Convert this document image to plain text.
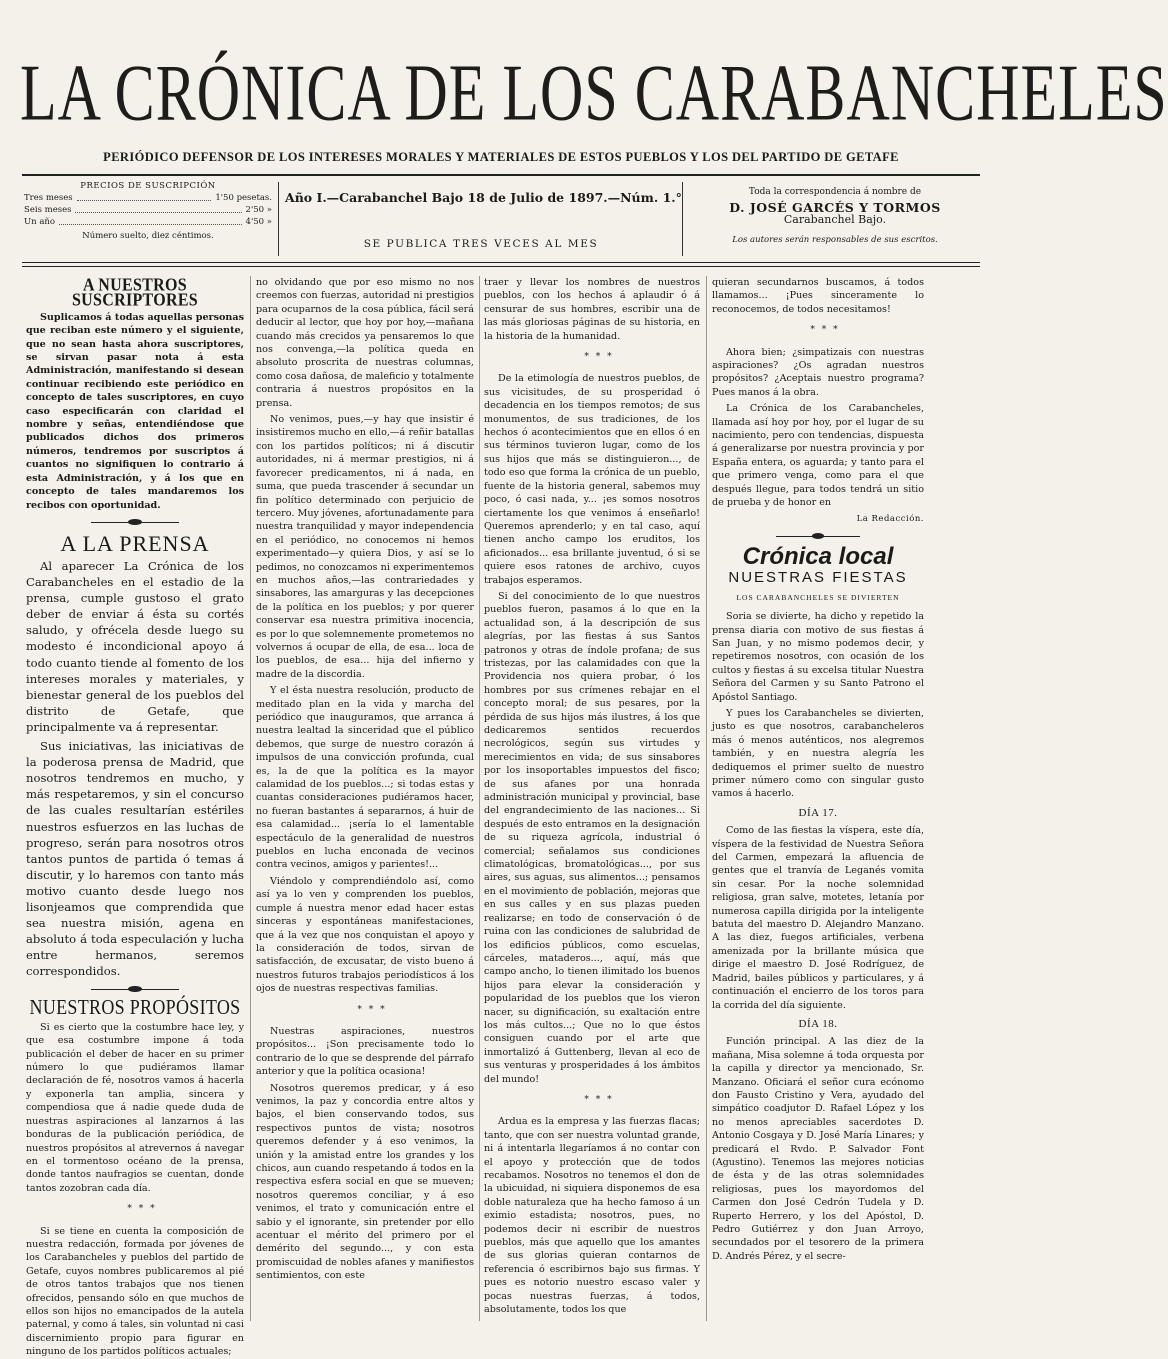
LA CRÓNICA DE LOS CARABANCHELES
PERIÓDICO DEFENSOR DE LOS INTERESES MORALES Y MATERIALES DE ESTOS PUEBLOS Y LOS DEL PARTIDO DE GETAFE
PRECIOS DE SUSCRIPCIÓN
Tres meses	1'50 pesetas.
Seis meses	2'50 »
Un año	4'50 »
Número suelto, diez céntimos.
Año I.—Carabanchel Bajo 18 de Julio de 1897.—Núm. 1.°
SE PUBLICA TRES VECES AL MES
Toda la correspondencia á nombre de
D. JOSÉ GARCÉS Y TORMOS
Carabanchel Bajo.
Los autores serán responsables de sus escritos.
A NUESTROS SUSCRIPTORES

Suplicamos á todas aquellas personas que reciban este número y el siguiente, que no sean hasta ahora suscriptores, se sirvan pasar nota á esta Administración, manifestando si desean continuar recibiendo este periódico en concepto de tales suscriptores, en cuyo caso especificarán con claridad el nombre y señas, entendiéndose que publicados dichos dos primeros números, tendremos por suscriptos á cuantos no signifiquen lo contrario á esta Administración, y á los que en concepto de tales mandaremos los recibos con oportunidad.

A LA PRENSA

Al aparecer La Crónica de los Carabancheles en el estadio de la prensa, cumple gustoso el grato deber de enviar á ésta su cortés saludo, y ofrécela desde luego su modesto é incondicional apoyo á todo cuanto tiende al fomento de los intereses morales y materiales, y bienestar general de los pueblos del distrito de Getafe, que principalmente va á representar.

Sus iniciativas, las iniciativas de la poderosa prensa de Madrid, que nosotros tendremos en mucho, y más respetaremos, y sin el concurso de las cuales resultarían estériles nuestros esfuerzos en las luchas de progreso, serán para nosotros otros tantos puntos de partida ó temas á discutir, y lo haremos con tanto más motivo cuanto desde luego nos lisonjeamos que comprendida que sea nuestra misión, agena en absoluto á toda especulación y lucha entre hermanos, seremos correspondidos.

NUESTROS PROPÓSITOS

Si es cierto que la costumbre hace ley, y que esa costumbre impone á toda publicación el deber de hacer en su primer número lo que pudiéramos llamar declaración de fé, nosotros vamos á hacerla y exponerla tan amplia, sincera y compendiosa que á nadie quede duda de nuestras aspiraciones al lanzarnos á las bonduras de la publicación periódica, de nuestros propósitos al atrevernos á navegar en el tormentoso océano de la prensa, donde tantos naufragios se cuentan, donde tantos zozobran cada día.

* * *

Si se tiene en cuenta la composición de nuestra redacción, formada por jóvenes de los Carabancheles y pueblos del partido de Getafe, cuyos nombres publicaremos al pié de otros tantos trabajos que nos tienen ofrecidos, pensando sólo en que muchos de ellos son hijos no emancipados de la autela paternal, y como á tales, sin voluntad ni casi discernimiento propio para figurar en ninguno de los partidos políticos actuales;

no olvidando que por eso mismo no nos creemos con fuerzas, autoridad ni prestigios para ocuparnos de la cosa pública, fácil será deducir al lector, que hoy por hoy,—mañana cuando más crecidos ya pensaremos lo que nos convenga,—la política queda en absoluto proscrita de nuestras columnas, como cosa dañosa, de maleficio y totalmente contraria á nuestros propósitos en la prensa.

No venimos, pues,—y hay que insistir é insistiremos mucho en ello,—á reñir batallas con los partidos políticos; ni á discutir autoridades, ni á mermar prestigios, ni á favorecer predicamentos, ni á nada, en suma, que pueda trascender á secundar un fin político determinado con perjuicio de tercero. Muy jóvenes, afortunadamente para nuestra tranquilidad y mayor independencia en el periódico, no conocemos ni hemos experimentado—y quiera Dios, y así se lo pedimos, no conozcamos ni experimentemos en muchos años,—las contrariedades y sinsabores, las amarguras y las decepciones de la política en los pueblos; y por querer conservar esa nuestra primitiva inocencia, es por lo que solemnemente prometemos no volvernos á ocupar de ella, de esa... loca de los pueblos, de esa... hija del infierno y madre de la discordia.

Y el ésta nuestra resolución, producto de meditado plan en la vida y marcha del periódico que inauguramos, que arranca á nuestra lealtad la sinceridad que el público debemos, que surge de nuestro corazón á impulsos de una convicción profunda, cual es, la de que la política es la mayor calamidad de los pueblos...; si todas estas y cuantas consideraciones pudiéramos hacer, no fueran bastantes á separarnos, á huir de esa calamidad... ¡sería lo el lamentable espectáculo de la generalidad de nuestros pueblos en lucha enconada de vecinos contra vecinos, amigos y parientes!...

Viéndolo y comprendiéndolo así, como así ya lo ven y comprenden los pueblos, cumple á nuestra menor edad hacer estas sinceras y espontáneas manifestaciones, que á la vez que nos conquistan el apoyo y la consideración de todos, sirvan de satisfacción, de excusatar, de visto bueno á nuestros futuros trabajos periodísticos á los ojos de nuestras respectivas familias.

* * *

Nuestras aspiraciones, nuestros propósitos... ¡Son precisamente todo lo contrario de lo que se desprende del párrafo anterior y que la política ocasiona!

Nosotros queremos predicar, y á eso venimos, la paz y concordia entre altos y bajos, el bien conservando todos, sus respectivos puntos de vista; nosotros queremos defender y á eso venimos, la unión y la amistad entre los grandes y los chicos, aun cuando respetando á todos en la respectiva esfera social en que se mueven; nosotros queremos conciliar, y á eso venimos, el trato y comunicación entre el sabio y el ignorante, sin pretender por ello acentuar el mérito del primero por el demérito del segundo..., y con esta promiscuidad de nobles afanes y manifiestos sentimientos, con este

traer y llevar los nombres de nuestros pueblos, con los hechos á aplaudir ó á censurar de sus hombres, escribir una de las más gloriosas páginas de su historia, en la historia de la humanidad.

* * *

De la etimología de nuestros pueblos, de sus vicisitudes, de su prosperidad ó decadencia en los tiempos remotos; de sus monumentos, de sus tradiciones, de los hechos ó acontecimientos que en ellos ó en sus términos tuvieron lugar, como de los sus hijos que más se distinguieron..., de todo eso que forma la crónica de un pueblo, fuente de la historia general, sabemos muy poco, ó casi nada, y... ¡es somos nosotros ciertamente los que venimos á enseñarlo! Queremos aprenderlo; y en tal caso, aquí tienen ancho campo los eruditos, los aficionados... esa brillante juventud, ó si se quiere esos ratones de archivo, cuyos trabajos esperamos.

Si del conocimiento de lo que nuestros pueblos fueron, pasamos á lo que en la actualidad son, á la descripción de sus alegrías, por las fiestas á sus Santos patronos y otras de índole profana; de sus tristezas, por las calamidades con que la Providencia nos quiera probar, ó los hombres por sus crímenes rebajar en el concepto moral; de sus pesares, por la pérdida de sus hijos más ilustres, á los que dedicaremos sentidos recuerdos necrológicos, según sus virtudes y merecimientos en vida; de sus sinsabores por los insoportables impuestos del fisco; de sus afanes por una honrada administración municipal y provincial, base del engrandecimiento de las naciones... Si después de esto entramos en la designación de su riqueza agrícola, industrial ó comercial; señalamos sus condiciones climatológicas, bromatológicas..., por sus aires, sus aguas, sus alimentos...; pensamos en el movimiento de población, mejoras que en sus calles y en sus plazas pueden realizarse; en todo de conservación ó de ruina con las condiciones de salubridad de los edificios públicos, como escuelas, cárceles, mataderos..., aquí, más que campo ancho, lo tienen ilimitado los buenos hijos para elevar la consideración y popularidad de los pueblos que los vieron nacer, su dignificación, su exaltación entre los más cultos...; Que no lo que éstos consiguen cuando por el arte que inmortalizó á Guttenberg, llevan al eco de sus venturas y prosperidades á los ámbitos del mundo!

* * *

Ardua es la empresa y las fuerzas flacas; tanto, que con ser nuestra voluntad grande, ni á intentarla llegaríamos á no contar con el apoyo y protección que de todos recabamos. Nosotros no tenemos el don de la ubicuidad, ni siquiera disponemos de esa doble naturaleza que ha hecho famoso á un eximio estadista; nosotros, pues, no podemos decir ni escribir de nuestros pueblos, más que aquello que los amantes de sus glorias quieran contarnos de referencia ó escribirnos bajo sus firmas. Y pues es notorio nuestro escaso valer y pocas nuestras fuerzas, á todos, absolutamente, todos los que

quieran secundarnos buscamos, á todos llamamos... ¡Pues sinceramente lo reconocemos, de todos necesitamos!

* * *

Ahora bien; ¿simpatizais con nuestras aspiraciones? ¿Os agradan nuestros propósitos? ¿Aceptais nuestro programa? Pues manos á la obra.

La Crónica de los Carabancheles, llamada así hoy por hoy, por el lugar de su nacimiento, pero con tendencias, dispuesta á generalizarse por nuestra provincia y por España entera, os aguarda; y tanto para el que primero venga, como para el que después llegue, para todos tendrá un sitio de prueba y de honor en

La Redacción.

Crónica local
NUESTRAS FIESTAS
LOS CARABANCHELES SE DIVIERTEN

Soria se divierte, ha dicho y repetido la prensa diaria con motivo de sus fiestas á San Juan, y no mismo podemos decir, y repetiremos nosotros, con ocasión de los cultos y fiestas á su excelsa titular Nuestra Señora del Carmen y su Santo Patrono el Apóstol Santiago.

Y pues los Carabancheles se divierten, justo es que nosotros, carabancheleros más ó menos auténticos, nos alegremos también, y en nuestra alegría les dediquemos el primer suelto de nuestro primer número como con singular gusto vamos á hacerlo.

DÍA 17.

Como de las fiestas la víspera, este día, víspera de la festividad de Nuestra Señora del Carmen, empezará la afluencia de gentes que el tranvía de Leganés vomita sin cesar. Por la noche solemnidad religiosa, gran salve, motetes, letanía por numerosa capilla dirigida por la inteligente batuta del maestro D. Alejandro Manzano. A las diez, fuegos artificiales, verbena amenizada por la brillante música que dirige el maestro D. José Rodríguez, de Madrid, bailes públicos y particulares, y á continuación el encierro de los toros para la corrida del día siguiente.

DÍA 18.

Función principal. A las diez de la mañana, Misa solemne á toda orquesta por la capilla y director ya mencionado, Sr. Manzano. Oficiará el señor cura ecónomo don Fausto Cristino y Vera, ayudado del simpático coadjutor D. Rafael López y los no menos apreciables sacerdotes D. Antonio Cosgaya y D. José María Linares; y predicará el Rvdo. P. Salvador Font (Agustino). Tenemos las mejores noticias de ésta y de las otras solemnidades religiosas, pues los mayordomos del Carmen don José Cedrón Tudela y D. Ruperto Herrero, y los del Apóstol, D. Pedro Gutiérrez y don Juan Arroyo, secundados por el tesorero de la primera D. Andrés Pérez, y el secre-
